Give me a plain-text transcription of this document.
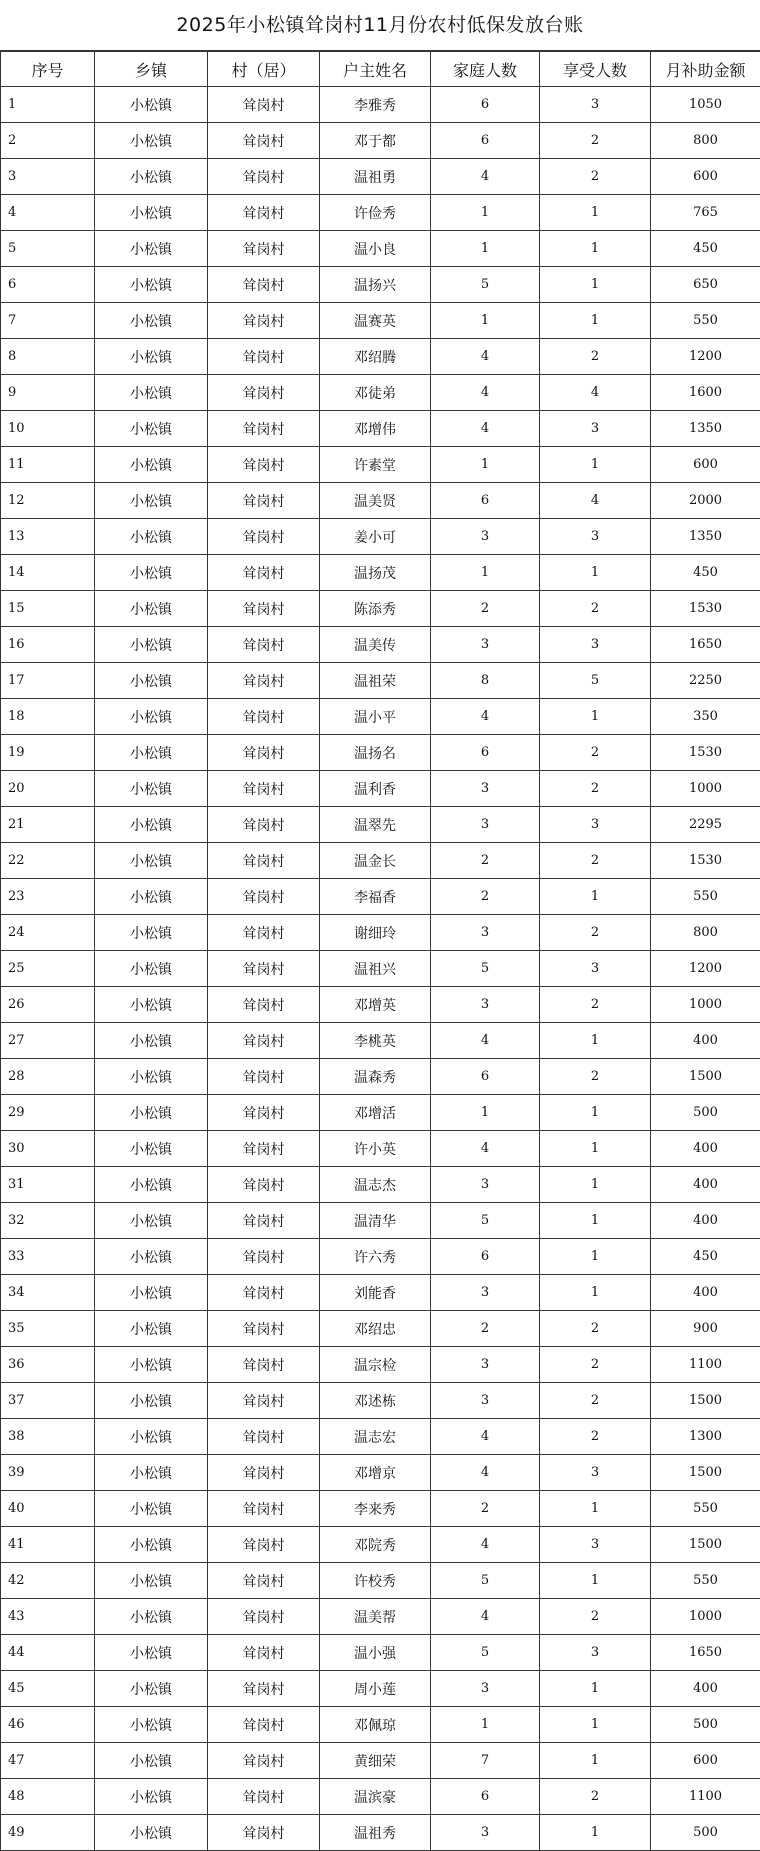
2025年小松镇耸岗村11月份农村低保发放台账
序号	乡镇	村（居）	户主姓名	家庭人数	享受人数	月补助金额
1	小松镇	耸岗村	李雅秀	6	3	1050
2	小松镇	耸岗村	邓于都	6	2	800
3	小松镇	耸岗村	温祖勇	4	2	600
4	小松镇	耸岗村	许俭秀	1	1	765
5	小松镇	耸岗村	温小良	1	1	450
6	小松镇	耸岗村	温扬兴	5	1	650
7	小松镇	耸岗村	温赛英	1	1	550
8	小松镇	耸岗村	邓绍腾	4	2	1200
9	小松镇	耸岗村	邓徒弟	4	4	1600
10	小松镇	耸岗村	邓增伟	4	3	1350
11	小松镇	耸岗村	许素堂	1	1	600
12	小松镇	耸岗村	温美贤	6	4	2000
13	小松镇	耸岗村	姜小可	3	3	1350
14	小松镇	耸岗村	温扬茂	1	1	450
15	小松镇	耸岗村	陈添秀	2	2	1530
16	小松镇	耸岗村	温美传	3	3	1650
17	小松镇	耸岗村	温祖荣	8	5	2250
18	小松镇	耸岗村	温小平	4	1	350
19	小松镇	耸岗村	温扬名	6	2	1530
20	小松镇	耸岗村	温利香	3	2	1000
21	小松镇	耸岗村	温翠先	3	3	2295
22	小松镇	耸岗村	温金长	2	2	1530
23	小松镇	耸岗村	李福香	2	1	550
24	小松镇	耸岗村	谢细玲	3	2	800
25	小松镇	耸岗村	温祖兴	5	3	1200
26	小松镇	耸岗村	邓增英	3	2	1000
27	小松镇	耸岗村	李桃英	4	1	400
28	小松镇	耸岗村	温森秀	6	2	1500
29	小松镇	耸岗村	邓增活	1	1	500
30	小松镇	耸岗村	许小英	4	1	400
31	小松镇	耸岗村	温志杰	3	1	400
32	小松镇	耸岗村	温清华	5	1	400
33	小松镇	耸岗村	许六秀	6	1	450
34	小松镇	耸岗村	刘能香	3	1	400
35	小松镇	耸岗村	邓绍忠	2	2	900
36	小松镇	耸岗村	温宗检	3	2	1100
37	小松镇	耸岗村	邓述栋	3	2	1500
38	小松镇	耸岗村	温志宏	4	2	1300
39	小松镇	耸岗村	邓增京	4	3	1500
40	小松镇	耸岗村	李来秀	2	1	550
41	小松镇	耸岗村	邓院秀	4	3	1500
42	小松镇	耸岗村	许校秀	5	1	550
43	小松镇	耸岗村	温美帮	4	2	1000
44	小松镇	耸岗村	温小强	5	3	1650
45	小松镇	耸岗村	周小莲	3	1	400
46	小松镇	耸岗村	邓佩琼	1	1	500
47	小松镇	耸岗村	黄细荣	7	1	600
48	小松镇	耸岗村	温滨豪	6	2	1100
49	小松镇	耸岗村	温祖秀	3	1	500
